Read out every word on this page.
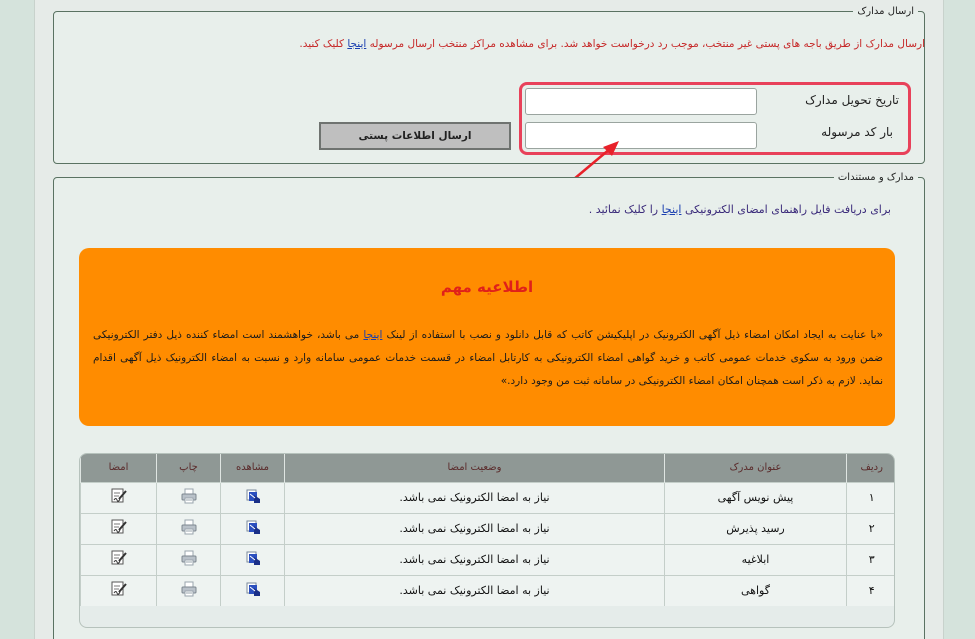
ارسال مدارک
ارسال مدارک از طریق باجه های پستی غیر منتخب، موجب رد درخواست خواهد شد. برای مشاهده مراکز منتخب ارسال مرسوله اینجا کلیک کنید.
تاریخ تحویل مدارک
بار کد مرسوله
ارسال اطلاعات پستی
مدارک و مستندات
برای دریافت فایل راهنمای امضای الکترونیکی اینجا را کلیک نمائید .
اطلاعیه مهم
«با عنایت به ایجاد امکان امضاء ذیل آگهی الکترونیک در اپلیکیشن کاتب که قابل دانلود و نصب با استفاده از لینک اینجا می باشد، خواهشمند است امضاء کننده ذیل دفتر الکترونیکی ضمن ورود به سکوی خدمات عمومی کاتب و خرید گواهی امضاء الکترونیکی به کارتابل امضاء در قسمت خدمات عمومی سامانه وارد و نسبت به امضاء الکترونیک ذیل آگهی اقدام نماید. لازم به ذکر است همچنان امکان امضاء الکترونیکی در سامانه ثبت من وجود دارد.»
ردیف	عنوان مدرک	وضعیت امضا	مشاهده	چاپ	امضا
۱	پیش نویس آگهی	نیاز به امضا الکترونیک نمی باشد.			
۲	رسید پذیرش	نیاز به امضا الکترونیک نمی باشد.			
۳	ابلاغیه	نیاز به امضا الکترونیک نمی باشد.			
۴	گواهی	نیاز به امضا الکترونیک نمی باشد.			
